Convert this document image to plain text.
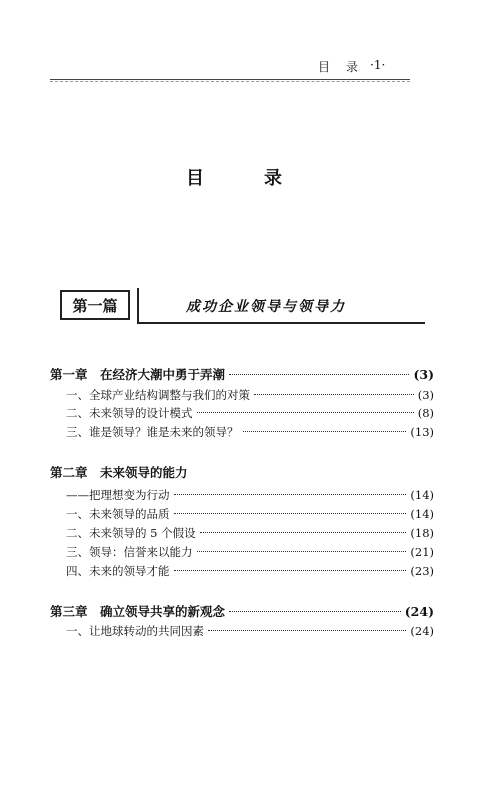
目 录 ·1·
目	录
第一篇	成功企业领导与领导力
第一章　在经济大潮中勇于弄潮	(3)
一、全球产业结构调整与我们的对策	(3)
二、未来领导的设计模式	(8)
三、谁是领导？谁是未来的领导？	(13)
第二章　未来领导的能力
——把理想变为行动	(14)
一、未来领导的品质	(14)
二、未来领导的 5 个假设	(18)
三、领导：信誉来以能力	(21)
四、未来的领导才能	(23)
第三章　确立领导共享的新观念	(24)
一、让地球转动的共同因素	(24)
